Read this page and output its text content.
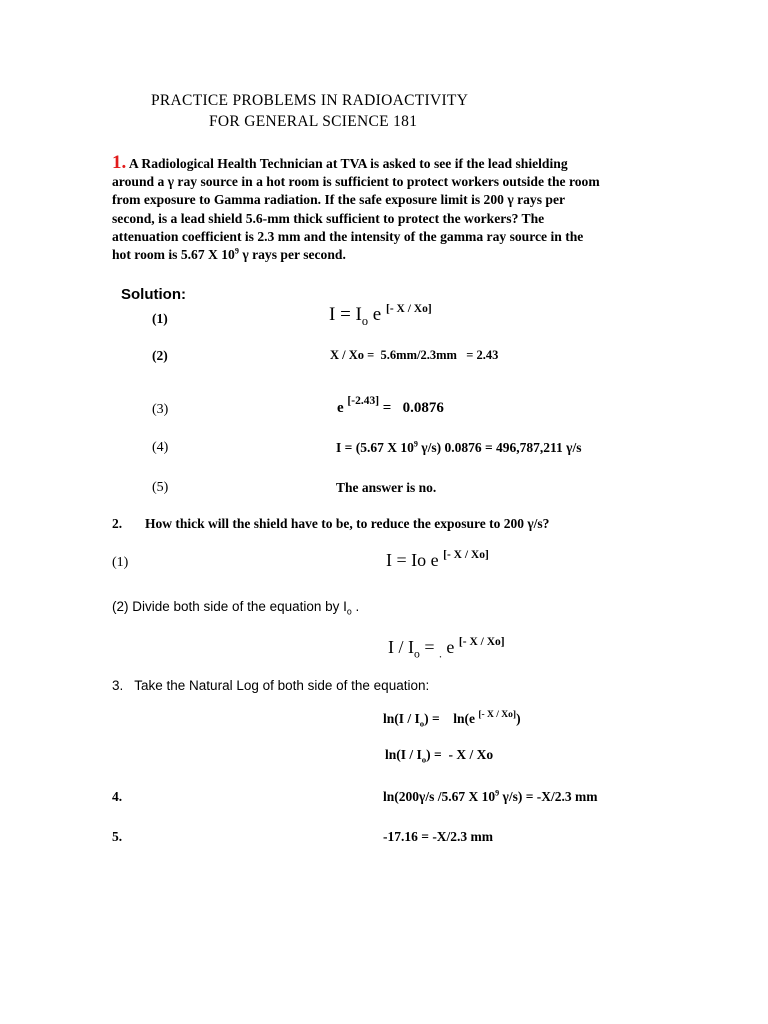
PRACTICE PROBLEMS IN RADIOACTIVITY
FOR GENERAL SCIENCE 181
1. A Radiological Health Technician at TVA is asked to see if the lead shielding
around a γ ray source in a hot room is sufficient to protect workers outside the room
from exposure to Gamma radiation. If the safe exposure limit is 200 γ rays per
second, is a lead shield 5.6-mm thick sufficient to protect the workers? The
attenuation coefficient is 2.3 mm and the intensity of the gamma ray source in the
hot room is 5.67 X $10^9$ γ rays per second.
Solution:
(1)	$I = I_o$ e [- X / Xo]
(2)	X / Xo =  5.6mm/2.3mm   = 2.43
(3)	e [-2.43] =   0.0876
(4)	I = (5.67 X $10^9$ γ/s) 0.0876 = 496,787,211 γ/s
(5)	The answer is no.
2. How thick will the shield have to be, to reduce the exposure to 200 γ/s?
(1)	I = Io e [- X / Xo]
(2) Divide both side of the equation by $I_o$ .
$I / I_o = _.$ e [- X / Xo]
3.   Take the Natural Log of both side of the equation:
$\ln(I / I_o)$ =    ln(e [- X / Xo])
$\ln(I / I_o)$ =  - X / Xo
4.	ln(200γ/s /5.67 X $10^9$ γ/s) = -X/2.3 mm
5.	-17.16 = -X/2.3 mm
